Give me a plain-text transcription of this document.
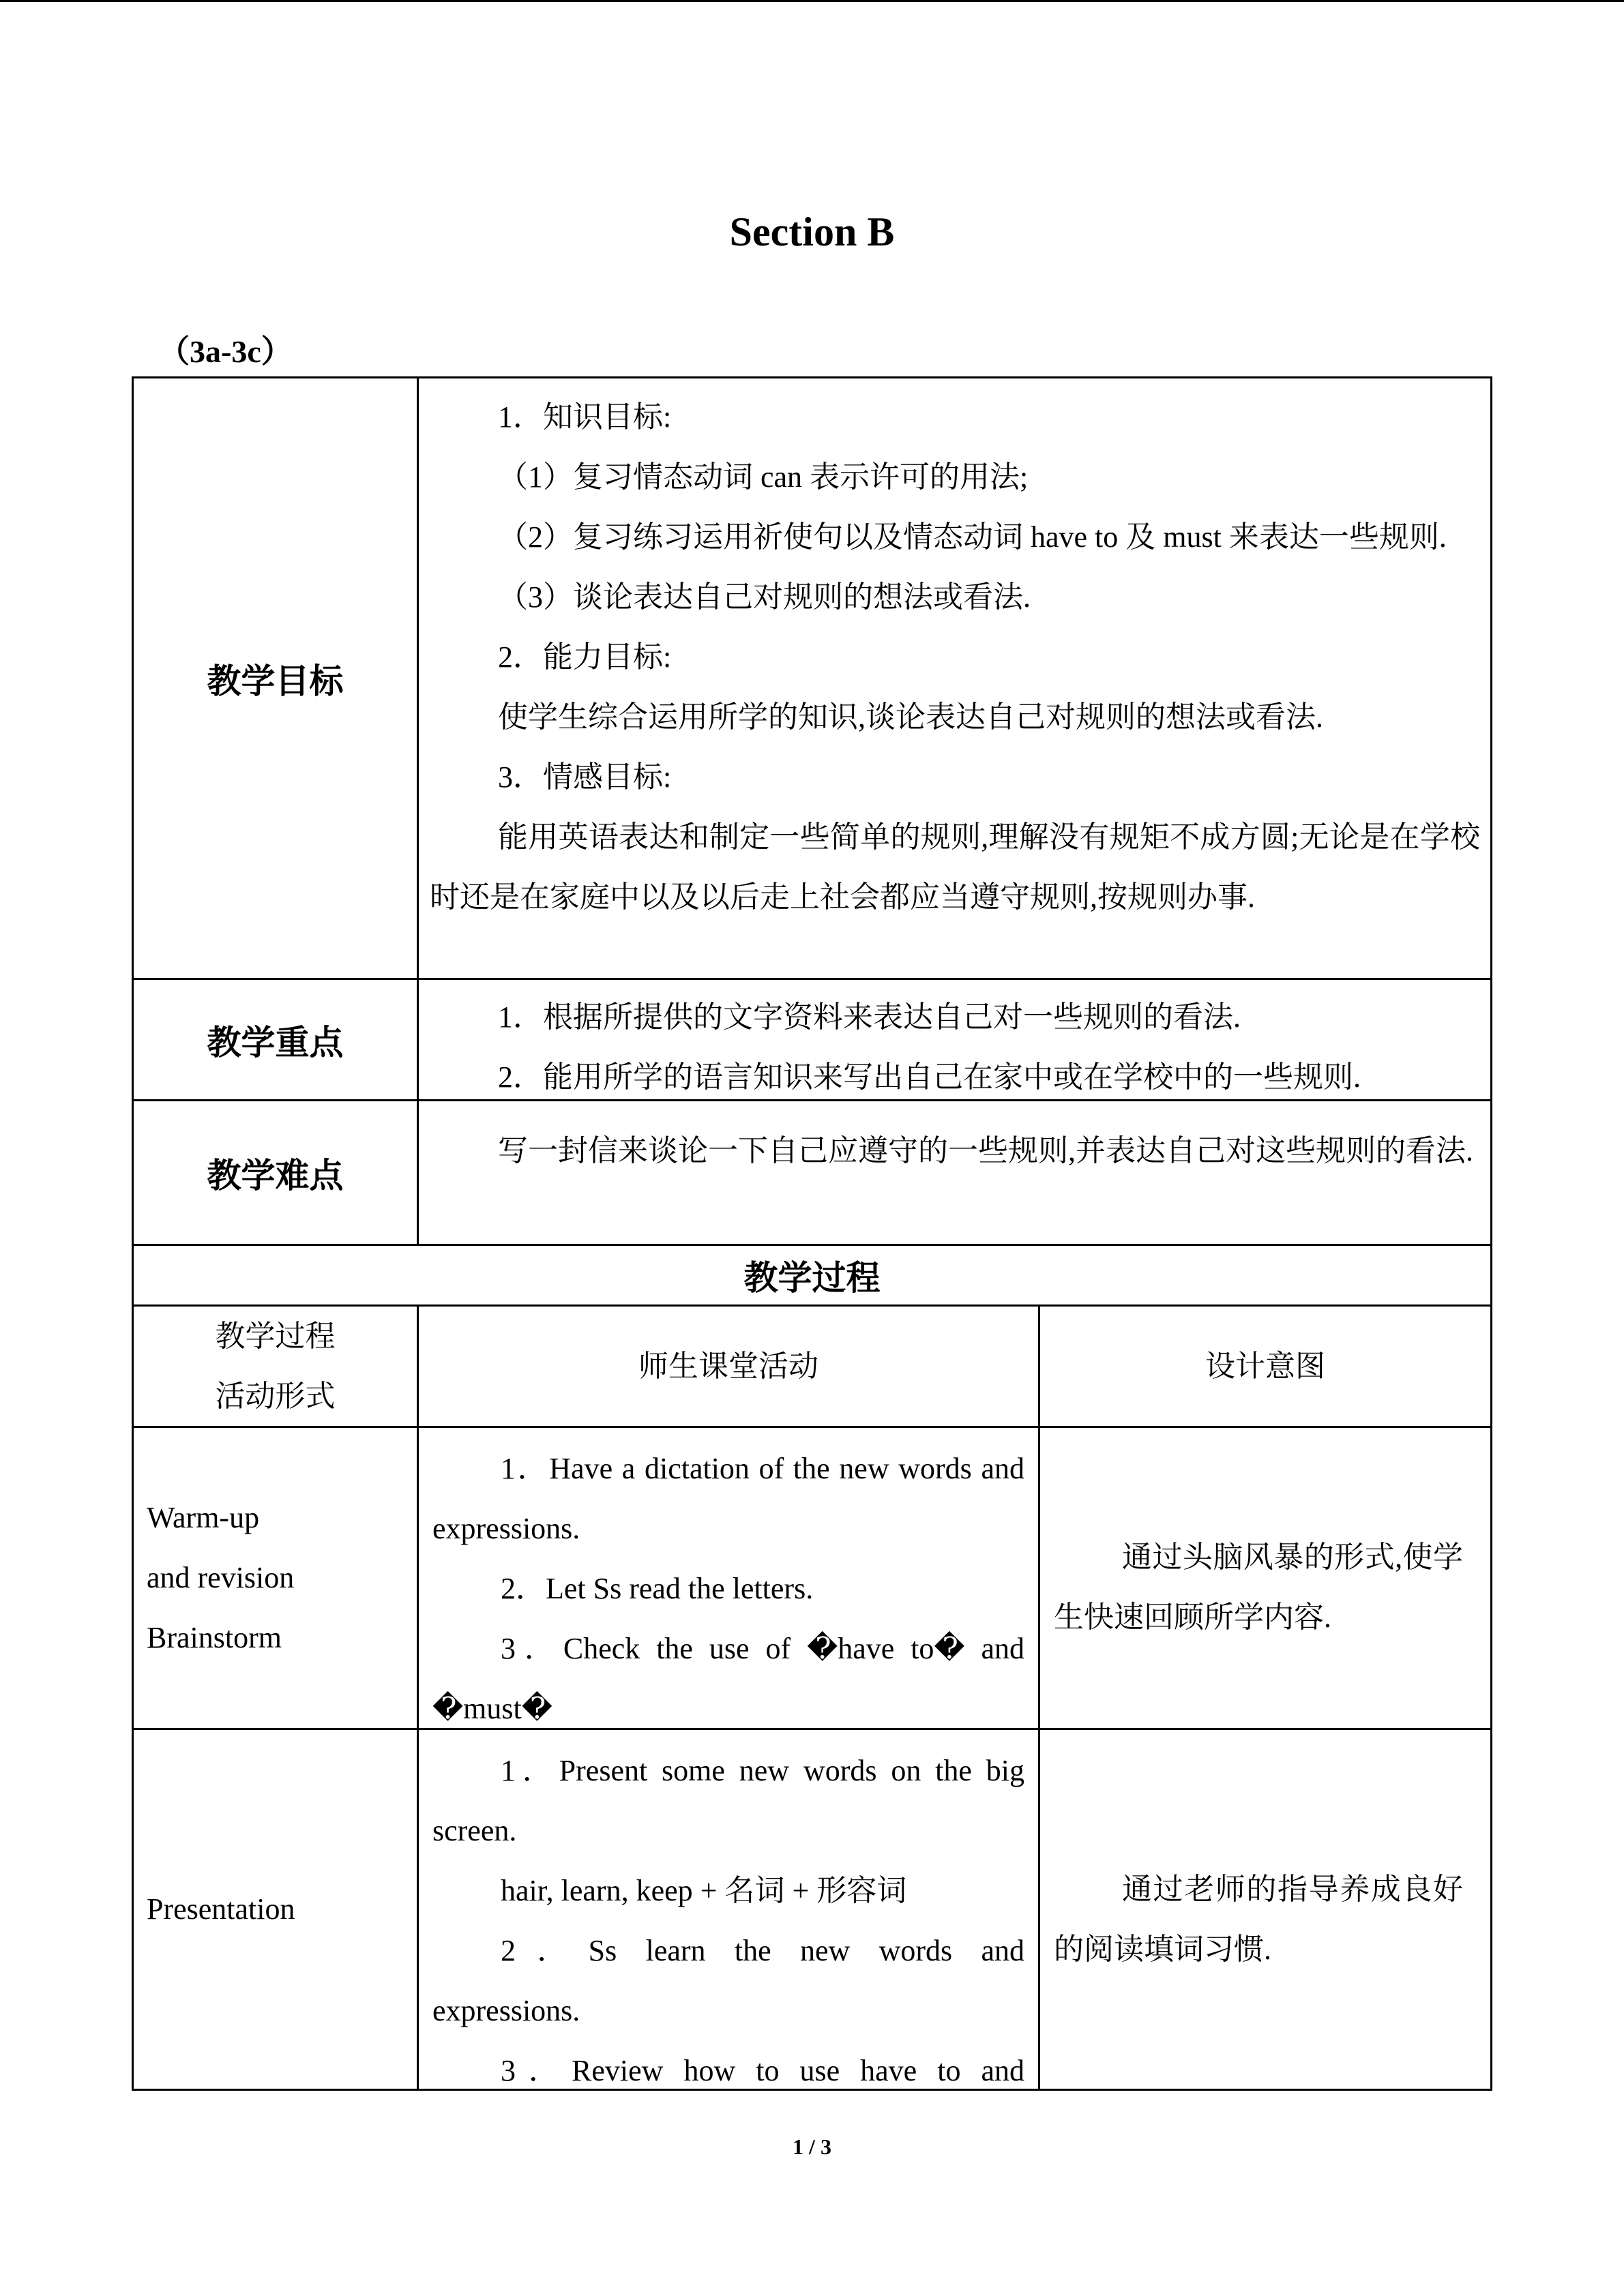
Section B
（3a-3c）
教学目标

1．知识目标:

（1）复习情态动词 can 表示许可的用法;

（2）复习练习运用祈使句以及情态动词 have to 及 must 来表达一些规则.

（3）谈论表达自己对规则的想法或看法.

2．能力目标:

使学生综合运用所学的知识,谈论表达自己对规则的想法或看法.

3．情感目标:

能用英语表达和制定一些简单的规则,理解没有规矩不成方圆;无论是在学校时还是在家庭中以及以后走上社会都应当遵守规则,按规则办事.

教学重点

1．根据所提供的文字资料来表达自己对一些规则的看法.

2．能用所学的语言知识来写出自己在家中或在学校中的一些规则.

教学难点

写一封信来谈论一下自己应遵守的一些规则,并表达自己对这些规则的看法.

教学过程
教学过程
活动形式
师生课堂活动	设计意图
Warm-up
and revision
Brainstorm

1．Have a dictation of the new words and expressions.

2．Let Ss read the letters.

3．Check the use of �have to� and �must�

通过头脑风暴的形式,使学生快速回顾所学内容.

Presentation

1．Present some new words on the big screen.

hair, learn, keep + 名词 + 形容词

2．Ss learn the new words and expressions.

3．Review how to use have to and

通过老师的指导养成良好的阅读填词习惯.

1 / 3
